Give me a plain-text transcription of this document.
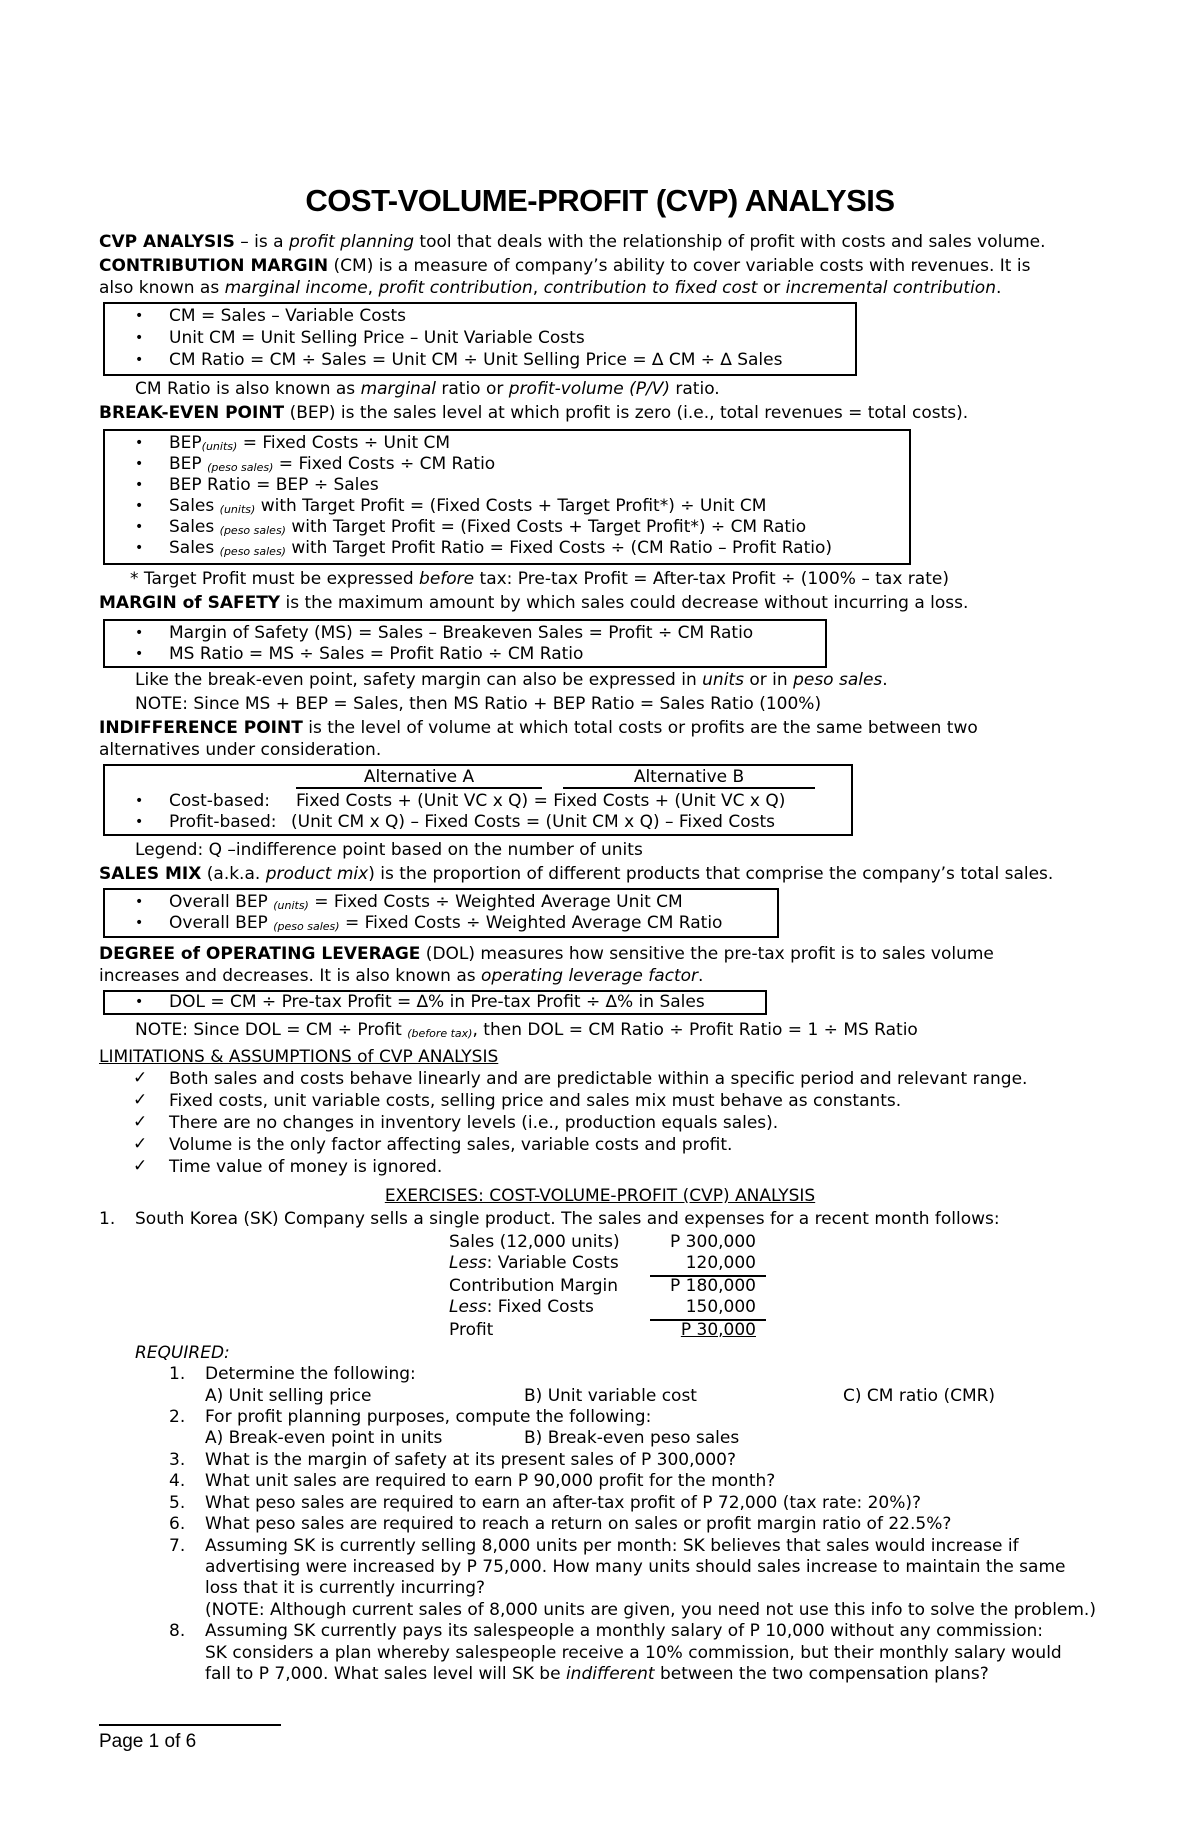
COST-VOLUME-PROFIT (CVP) ANALYSIS
CVP ANALYSIS – is a profit planning tool that deals with the relationship of profit with costs and sales volume.
CONTRIBUTION MARGIN (CM) is a measure of company’s ability to cover variable costs with revenues. It is
also known as marginal income, profit contribution, contribution to fixed cost or incremental contribution.
• CM = Sales – Variable Costs
• Unit CM = Unit Selling Price – Unit Variable Costs
• CM Ratio = CM ÷ Sales = Unit CM ÷ Unit Selling Price = ∆ CM ÷ ∆ Sales
CM Ratio is also known as marginal ratio or profit-volume (P/V) ratio.
BREAK-EVEN POINT (BEP) is the sales level at which profit is zero (i.e., total revenues = total costs).
• BEP(units) = Fixed Costs ÷ Unit CM
• BEP (peso sales) = Fixed Costs ÷ CM Ratio
• BEP Ratio = BEP ÷ Sales
• Sales (units) with Target Profit = (Fixed Costs + Target Profit*) ÷ Unit CM
• Sales (peso sales) with Target Profit = (Fixed Costs + Target Profit*) ÷ CM Ratio
• Sales (peso sales) with Target Profit Ratio = Fixed Costs ÷ (CM Ratio – Profit Ratio)
* Target Profit must be expressed before tax: Pre-tax Profit = After-tax Profit ÷ (100% – tax rate)
MARGIN of SAFETY is the maximum amount by which sales could decrease without incurring a loss.
• Margin of Safety (MS) = Sales – Breakeven Sales = Profit ÷ CM Ratio
• MS Ratio = MS ÷ Sales = Profit Ratio ÷ CM Ratio
Like the break-even point, safety margin can also be expressed in units or in peso sales.
NOTE: Since MS + BEP = Sales, then MS Ratio + BEP Ratio = Sales Ratio (100%)
INDIFFERENCE POINT is the level of volume at which total costs or profits are the same between two
alternatives under consideration.
Alternative A	Alternative B
• Cost-based: Fixed Costs + (Unit VC x Q) = Fixed Costs + (Unit VC x Q)
• Profit-based: (Unit CM x Q) – Fixed Costs = (Unit CM x Q) – Fixed Costs
Legend: Q –indifference point based on the number of units
SALES MIX (a.k.a. product mix) is the proportion of different products that comprise the company’s total sales.
• Overall BEP (units) = Fixed Costs ÷ Weighted Average Unit CM
• Overall BEP (peso sales) = Fixed Costs ÷ Weighted Average CM Ratio
DEGREE of OPERATING LEVERAGE (DOL) measures how sensitive the pre-tax profit is to sales volume
increases and decreases. It is also known as operating leverage factor.
• DOL = CM ÷ Pre-tax Profit = ∆% in Pre-tax Profit ÷ ∆% in Sales
NOTE: Since DOL = CM ÷ Profit (before tax), then DOL = CM Ratio ÷ Profit Ratio = 1 ÷ MS Ratio
LIMITATIONS & ASSUMPTIONS of CVP ANALYSIS
✓ Both sales and costs behave linearly and are predictable within a specific period and relevant range.
✓ Fixed costs, unit variable costs, selling price and sales mix must behave as constants.
✓ There are no changes in inventory levels (i.e., production equals sales).
✓ Volume is the only factor affecting sales, variable costs and profit.
✓ Time value of money is ignored.
EXERCISES: COST-VOLUME-PROFIT (CVP) ANALYSIS
1. South Korea (SK) Company sells a single product. The sales and expenses for a recent month follows:
Sales (12,000 units)	P 300,000
Less: Variable Costs	120,000
Contribution Margin	P 180,000
Less: Fixed Costs	150,000
Profit	P 30,000
REQUIRED:
1. Determine the following:
A) Unit selling price	B) Unit variable cost	C) CM ratio (CMR)
2. For profit planning purposes, compute the following:
A) Break-even point in units	B) Break-even peso sales
3. What is the margin of safety at its present sales of P 300,000?
4. What unit sales are required to earn P 90,000 profit for the month?
5. What peso sales are required to earn an after-tax profit of P 72,000 (tax rate: 20%)?
6. What peso sales are required to reach a return on sales or profit margin ratio of 22.5%?
7. Assuming SK is currently selling 8,000 units per month: SK believes that sales would increase if
advertising were increased by P 75,000. How many units should sales increase to maintain the same
loss that it is currently incurring?
(NOTE: Although current sales of 8,000 units are given, you need not use this info to solve the problem.)
8. Assuming SK currently pays its salespeople a monthly salary of P 10,000 without any commission:
SK considers a plan whereby salespeople receive a 10% commission, but their monthly salary would
fall to P 7,000. What sales level will SK be indifferent between the two compensation plans?
Page 1 of 6
